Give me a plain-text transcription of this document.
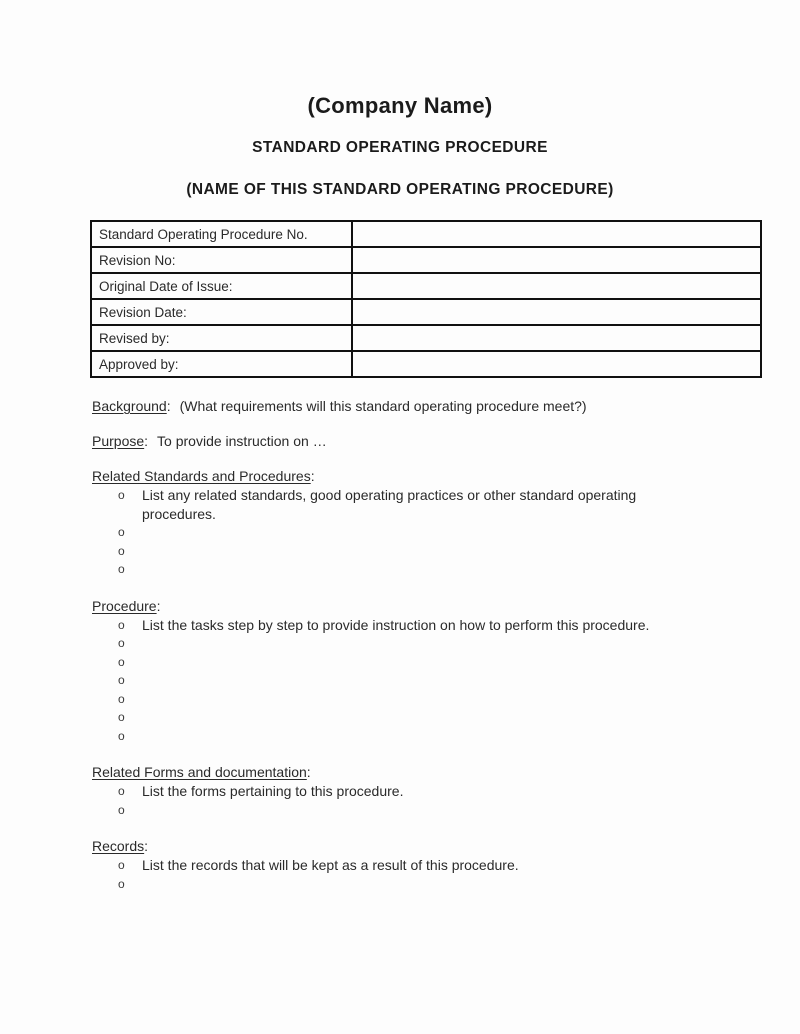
(Company Name)
STANDARD OPERATING PROCEDURE
(NAME OF THIS STANDARD OPERATING PROCEDURE)
Standard Operating Procedure No.	
Revision No:	
Original Date of Issue:	
Revision Date:	
Revised by:	
Approved by:	
Background: (What requirements will this standard operating procedure meet?)
Purpose: To provide instruction on …
Related Standards and Procedures:
o List any related standards, good operating practices or other standard operating procedures.
o
o
o
Procedure:
o List the tasks step by step to provide instruction on how to perform this procedure.
o
o
o
o
o
o
Related Forms and documentation:
o List the forms pertaining to this procedure.
o
Records:
o List the records that will be kept as a result of this procedure.
o
